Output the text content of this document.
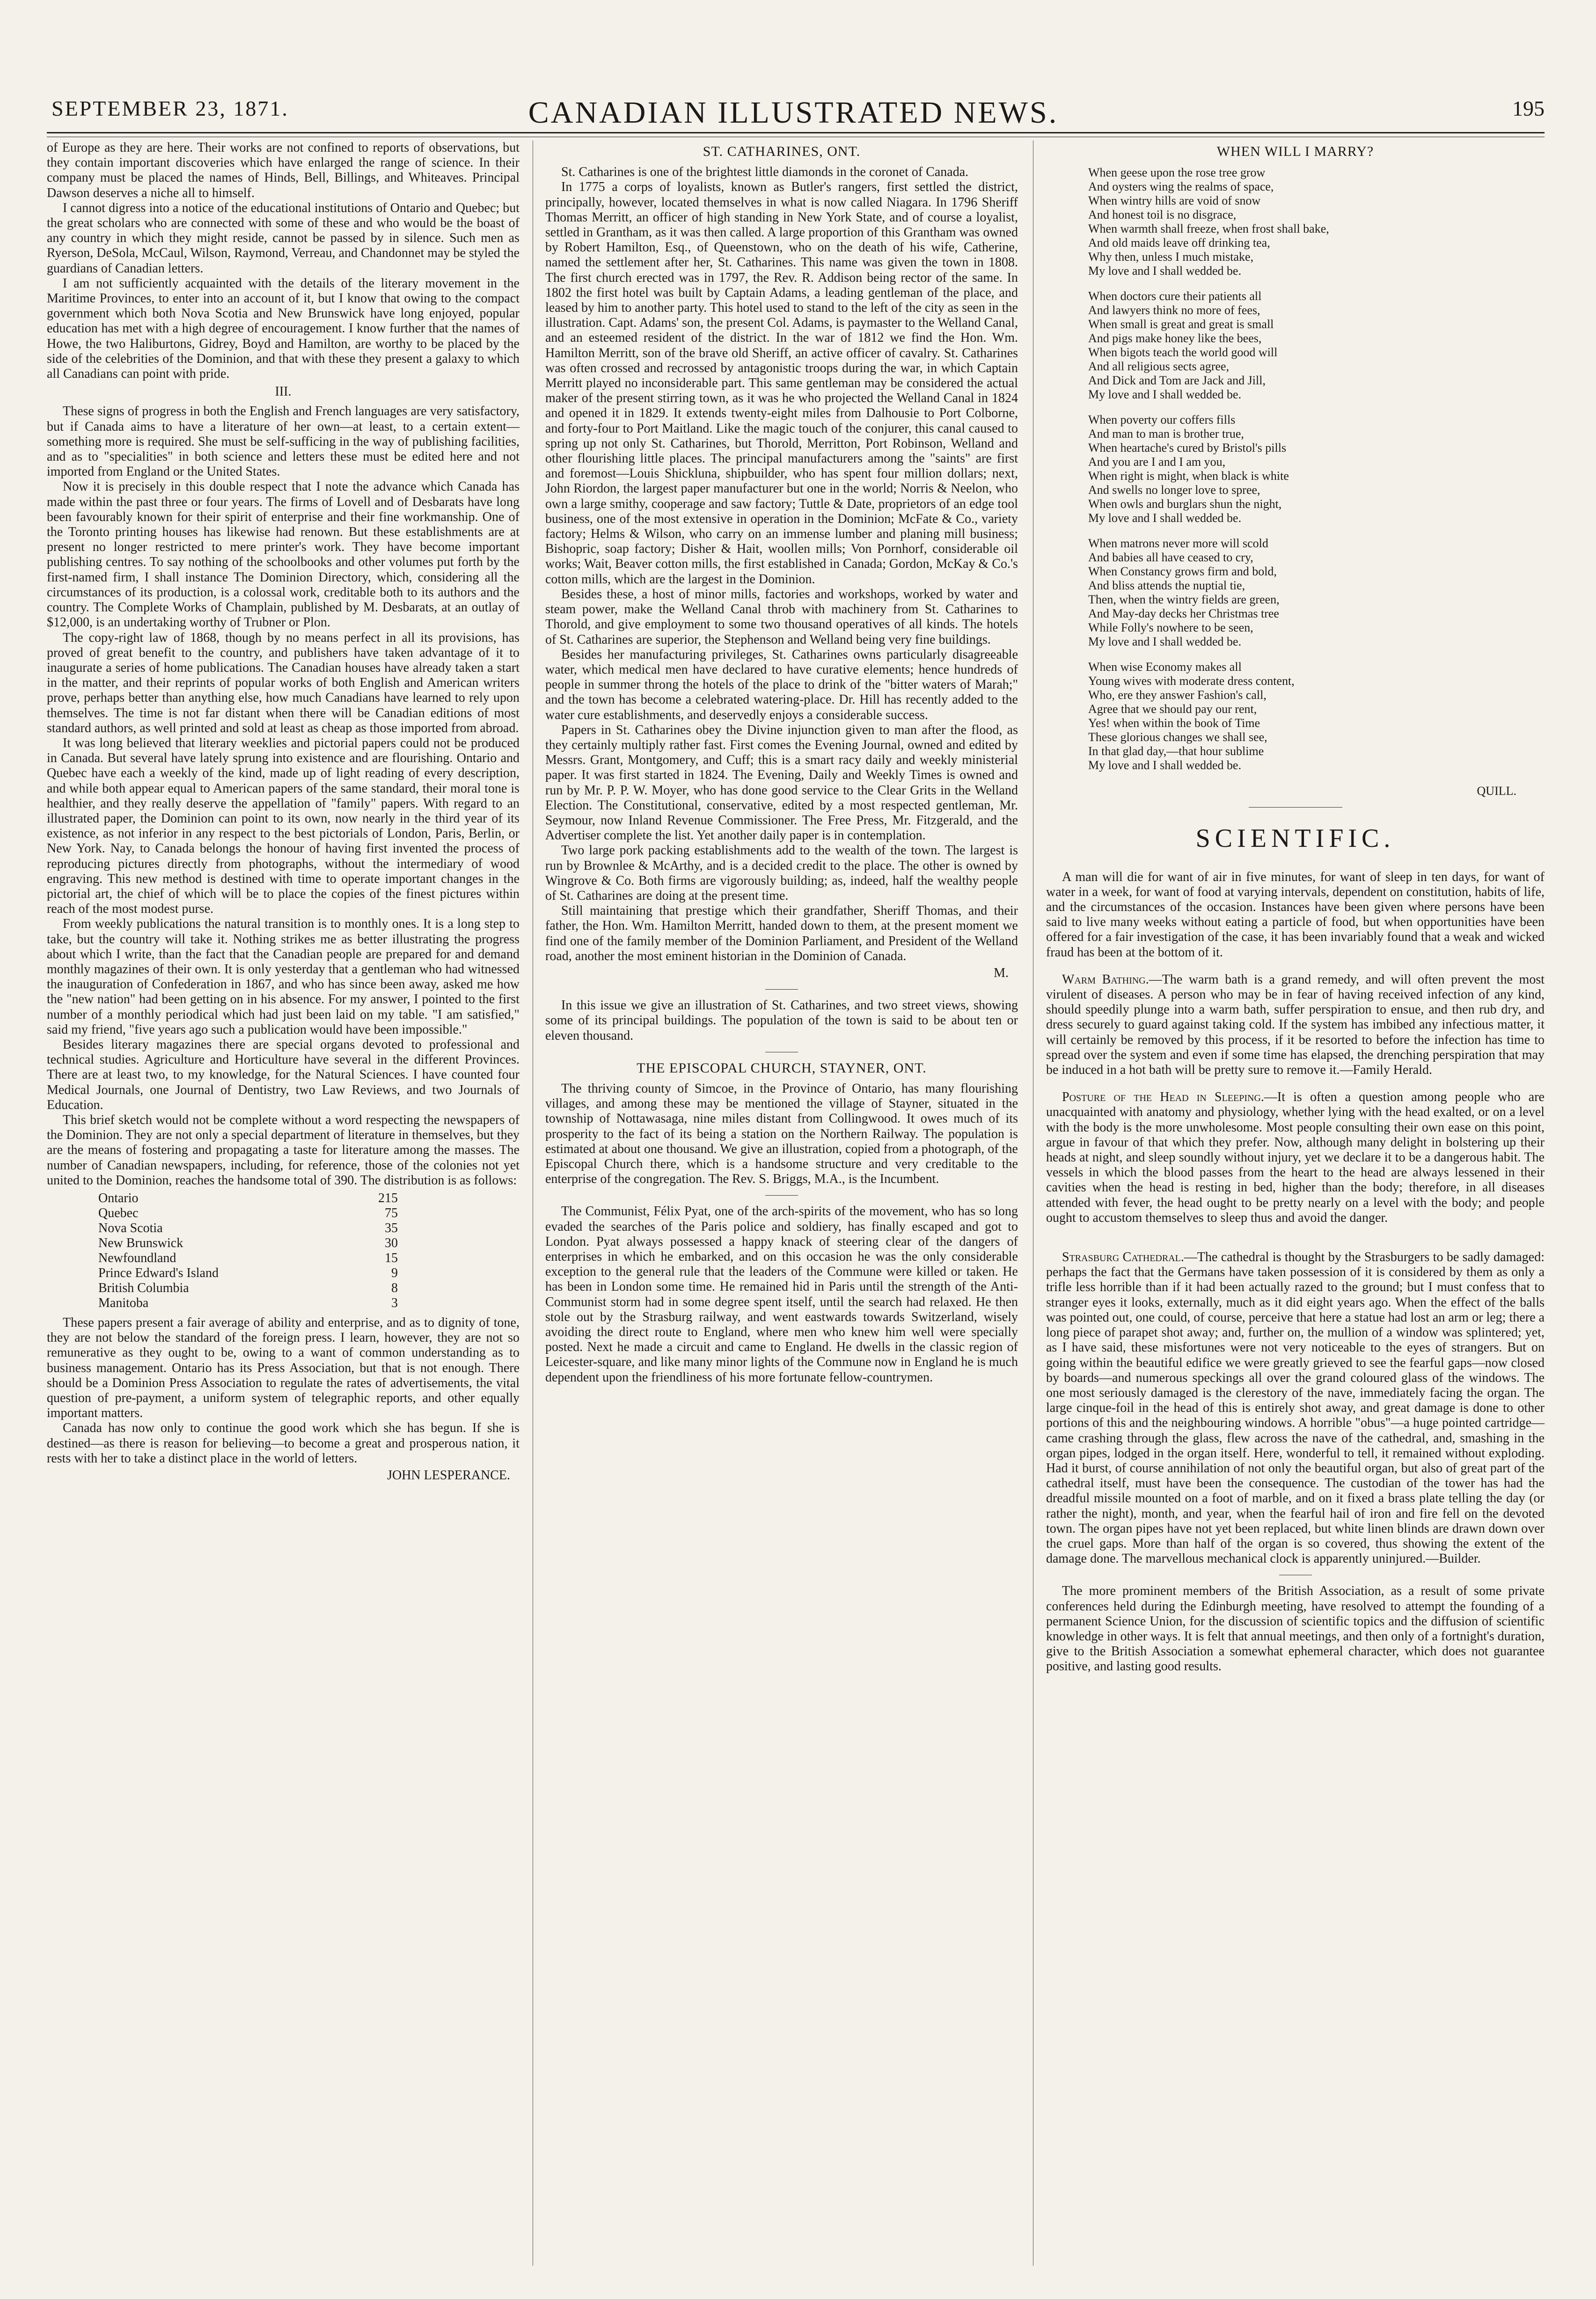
SEPTEMBER 23, 1871.	CANADIAN ILLUSTRATED NEWS.	195

of Europe as they are here. Their works are not confined to reports of observations, but they contain important discoveries which have enlarged the range of science. In their company must be placed the names of Hinds, Bell, Billings, and Whiteaves. Principal Dawson deserves a niche all to himself.

I cannot digress into a notice of the educational institutions of Ontario and Quebec; but the great scholars who are connected with some of these and who would be the boast of any country in which they might reside, cannot be passed by in silence. Such men as Ryerson, DeSola, McCaul, Wilson, Raymond, Verreau, and Chandonnet may be styled the guardians of Canadian letters.

I am not sufficiently acquainted with the details of the literary movement in the Maritime Provinces, to enter into an account of it, but I know that owing to the compact government which both Nova Scotia and New Brunswick have long enjoyed, popular education has met with a high degree of encouragement. I know further that the names of Howe, the two Haliburtons, Gidrey, Boyd and Hamilton, are worthy to be placed by the side of the celebrities of the Dominion, and that with these they present a galaxy to which all Canadians can point with pride.

III.

These signs of progress in both the English and French languages are very satisfactory, but if Canada aims to have a literature of her own—at least, to a certain extent—something more is required. She must be self-sufficing in the way of publishing facilities, and as to "specialities" in both science and letters these must be edited here and not imported from England or the United States.

Now it is precisely in this double respect that I note the advance which Canada has made within the past three or four years. The firms of Lovell and of Desbarats have long been favourably known for their spirit of enterprise and their fine workmanship. One of the Toronto printing houses has likewise had renown. But these establishments are at present no longer restricted to mere printer's work. They have become important publishing centres. To say nothing of the schoolbooks and other volumes put forth by the first-named firm, I shall instance The Dominion Directory, which, considering all the circumstances of its production, is a colossal work, creditable both to its authors and the country. The Complete Works of Champlain, published by M. Desbarats, at an outlay of $12,000, is an undertaking worthy of Trubner or Plon.

The copy-right law of 1868, though by no means perfect in all its provisions, has proved of great benefit to the country, and publishers have taken advantage of it to inaugurate a series of home publications. The Canadian houses have already taken a start in the matter, and their reprints of popular works of both English and American writers prove, perhaps better than anything else, how much Canadians have learned to rely upon themselves. The time is not far distant when there will be Canadian editions of most standard authors, as well printed and sold at least as cheap as those imported from abroad.

It was long believed that literary weeklies and pictorial papers could not be produced in Canada. But several have lately sprung into existence and are flourishing. Ontario and Quebec have each a weekly of the kind, made up of light reading of every description, and while both appear equal to American papers of the same standard, their moral tone is healthier, and they really deserve the appellation of "family" papers. With regard to an illustrated paper, the Dominion can point to its own, now nearly in the third year of its existence, as not inferior in any respect to the best pictorials of London, Paris, Berlin, or New York. Nay, to Canada belongs the honour of having first invented the process of reproducing pictures directly from photographs, without the intermediary of wood engraving. This new method is destined with time to operate important changes in the pictorial art, the chief of which will be to place the copies of the finest pictures within reach of the most modest purse.

From weekly publications the natural transition is to monthly ones. It is a long step to take, but the country will take it. Nothing strikes me as better illustrating the progress about which I write, than the fact that the Canadian people are prepared for and demand monthly magazines of their own. It is only yesterday that a gentleman who had witnessed the inauguration of Confederation in 1867, and who has since been away, asked me how the "new nation" had been getting on in his absence. For my answer, I pointed to the first number of a monthly periodical which had just been laid on my table. "I am satisfied," said my friend, "five years ago such a publication would have been impossible."

Besides literary magazines there are special organs devoted to professional and technical studies. Agriculture and Horticulture have several in the different Provinces. There are at least two, to my knowledge, for the Natural Sciences. I have counted four Medical Journals, one Journal of Dentistry, two Law Reviews, and two Journals of Education.

This brief sketch would not be complete without a word respecting the newspapers of the Dominion. They are not only a special department of literature in themselves, but they are the means of fostering and propagating a taste for literature among the masses. The number of Canadian newspapers, including, for reference, those of the colonies not yet united to the Dominion, reaches the handsome total of 390. The distribution is as follows:

Ontario	215
Quebec	75
Nova Scotia	35
New Brunswick	30
Newfoundland	15
Prince Edward's Island	9
British Columbia	8
Manitoba	3

These papers present a fair average of ability and enterprise, and as to dignity of tone, they are not below the standard of the foreign press. I learn, however, they are not so remunerative as they ought to be, owing to a want of common understanding as to business management. Ontario has its Press Association, but that is not enough. There should be a Dominion Press Association to regulate the rates of advertisements, the vital question of pre-payment, a uniform system of telegraphic reports, and other equally important matters.

Canada has now only to continue the good work which she has begun. If she is destined—as there is reason for believing—to become a great and prosperous nation, it rests with her to take a distinct place in the world of letters.

JOHN LESPERANCE.

ST. CATHARINES, ONT.

St. Catharines is one of the brightest little diamonds in the coronet of Canada.

In 1775 a corps of loyalists, known as Butler's rangers, first settled the district, principally, however, located themselves in what is now called Niagara. In 1796 Sheriff Thomas Merritt, an officer of high standing in New York State, and of course a loyalist, settled in Grantham, as it was then called. A large proportion of this Grantham was owned by Robert Hamilton, Esq., of Queenstown, who on the death of his wife, Catherine, named the settlement after her, St. Catharines. This name was given the town in 1808. The first church erected was in 1797, the Rev. R. Addison being rector of the same. In 1802 the first hotel was built by Captain Adams, a leading gentleman of the place, and leased by him to another party. This hotel used to stand to the left of the city as seen in the illustration. Capt. Adams' son, the present Col. Adams, is paymaster to the Welland Canal, and an esteemed resident of the district. In the war of 1812 we find the Hon. Wm. Hamilton Merritt, son of the brave old Sheriff, an active officer of cavalry. St. Catharines was often crossed and recrossed by antagonistic troops during the war, in which Captain Merritt played no inconsiderable part. This same gentleman may be considered the actual maker of the present stirring town, as it was he who projected the Welland Canal in 1824 and opened it in 1829. It extends twenty-eight miles from Dalhousie to Port Colborne, and forty-four to Port Maitland. Like the magic touch of the conjurer, this canal caused to spring up not only St. Catharines, but Thorold, Merritton, Port Robinson, Welland and other flourishing little places. The principal manufacturers among the "saints" are first and foremost—Louis Shickluna, shipbuilder, who has spent four million dollars; next, John Riordon, the largest paper manufacturer but one in the world; Norris & Neelon, who own a large smithy, cooperage and saw factory; Tuttle & Date, proprietors of an edge tool business, one of the most extensive in operation in the Dominion; McFate & Co., variety factory; Helms & Wilson, who carry on an immense lumber and planing mill business; Bishopric, soap factory; Disher & Hait, woollen mills; Von Pornhorf, considerable oil works; Wait, Beaver cotton mills, the first established in Canada; Gordon, McKay & Co.'s cotton mills, which are the largest in the Dominion.

Besides these, a host of minor mills, factories and workshops, worked by water and steam power, make the Welland Canal throb with machinery from St. Catharines to Thorold, and give employment to some two thousand operatives of all kinds. The hotels of St. Catharines are superior, the Stephenson and Welland being very fine buildings.

Besides her manufacturing privileges, St. Catharines owns particularly disagreeable water, which medical men have declared to have curative elements; hence hundreds of people in summer throng the hotels of the place to drink of the "bitter waters of Marah;" and the town has become a celebrated watering-place. Dr. Hill has recently added to the water cure establishments, and deservedly enjoys a considerable success.

Papers in St. Catharines obey the Divine injunction given to man after the flood, as they certainly multiply rather fast. First comes the Evening Journal, owned and edited by Messrs. Grant, Montgomery, and Cuff; this is a smart racy daily and weekly ministerial paper. It was first started in 1824. The Evening, Daily and Weekly Times is owned and run by Mr. P. P. W. Moyer, who has done good service to the Clear Grits in the Welland Election. The Constitutional, conservative, edited by a most respected gentleman, Mr. Seymour, now Inland Revenue Commissioner. The Free Press, Mr. Fitzgerald, and the Advertiser complete the list. Yet another daily paper is in contemplation.

Two large pork packing establishments add to the wealth of the town. The largest is run by Brownlee & McArthy, and is a decided credit to the place. The other is owned by Wingrove & Co. Both firms are vigorously building; as, indeed, half the wealthy people of St. Catharines are doing at the present time.

Still maintaining that prestige which their grandfather, Sheriff Thomas, and their father, the Hon. Wm. Hamilton Merritt, handed down to them, at the present moment we find one of the family member of the Dominion Parliament, and President of the Welland road, another the most eminent historian in the Dominion of Canada.

M.

In this issue we give an illustration of St. Catharines, and two street views, showing some of its principal buildings. The population of the town is said to be about ten or eleven thousand.

THE EPISCOPAL CHURCH, STAYNER, ONT.

The thriving county of Simcoe, in the Province of Ontario, has many flourishing villages, and among these may be mentioned the village of Stayner, situated in the township of Nottawasaga, nine miles distant from Collingwood. It owes much of its prosperity to the fact of its being a station on the Northern Railway. The population is estimated at about one thousand. We give an illustration, copied from a photograph, of the Episcopal Church there, which is a handsome structure and very creditable to the enterprise of the congregation. The Rev. S. Briggs, M.A., is the Incumbent.

The Communist, Félix Pyat, one of the arch-spirits of the movement, who has so long evaded the searches of the Paris police and soldiery, has finally escaped and got to London. Pyat always possessed a happy knack of steering clear of the dangers of enterprises in which he embarked, and on this occasion he was the only considerable exception to the general rule that the leaders of the Commune were killed or taken. He has been in London some time. He remained hid in Paris until the strength of the Anti-Communist storm had in some degree spent itself, until the search had relaxed. He then stole out by the Strasburg railway, and went eastwards towards Switzerland, wisely avoiding the direct route to England, where men who knew him well were specially posted. Next he made a circuit and came to England. He dwells in the classic region of Leicester-square, and like many minor lights of the Commune now in England he is much dependent upon the friendliness of his more fortunate fellow-countrymen.

WHEN WILL I MARRY?

When geese upon the rose tree grow
And oysters wing the realms of space,
When wintry hills are void of snow
And honest toil is no disgrace,
When warmth shall freeze, when frost shall bake,
And old maids leave off drinking tea,
Why then, unless I much mistake,
My love and I shall wedded be.
When doctors cure their patients all
And lawyers think no more of fees,
When small is great and great is small
And pigs make honey like the bees,
When bigots teach the world good will
And all religious sects agree,
And Dick and Tom are Jack and Jill,
My love and I shall wedded be.
When poverty our coffers fills
And man to man is brother true,
When heartache's cured by Bristol's pills
And you are I and I am you,
When right is might, when black is white
And swells no longer love to spree,
When owls and burglars shun the night,
My love and I shall wedded be.
When matrons never more will scold
And babies all have ceased to cry,
When Constancy grows firm and bold,
And bliss attends the nuptial tie,
Then, when the wintry fields are green,
And May-day decks her Christmas tree
While Folly's nowhere to be seen,
My love and I shall wedded be.
When wise Economy makes all
Young wives with moderate dress content,
Who, ere they answer Fashion's call,
Agree that we should pay our rent,
Yes! when within the book of Time
These glorious changes we shall see,
In that glad day,—that hour sublime
My love and I shall wedded be.

QUILL.

SCIENTIFIC.

A man will die for want of air in five minutes, for want of sleep in ten days, for want of water in a week, for want of food at varying intervals, dependent on constitution, habits of life, and the circumstances of the occasion. Instances have been given where persons have been said to live many weeks without eating a particle of food, but when opportunities have been offered for a fair investigation of the case, it has been invariably found that a weak and wicked fraud has been at the bottom of it.

Warm Bathing.—The warm bath is a grand remedy, and will often prevent the most virulent of diseases. A person who may be in fear of having received infection of any kind, should speedily plunge into a warm bath, suffer perspiration to ensue, and then rub dry, and dress securely to guard against taking cold. If the system has imbibed any infectious matter, it will certainly be removed by this process, if it be resorted to before the infection has time to spread over the system and even if some time has elapsed, the drenching perspiration that may be induced in a hot bath will be pretty sure to remove it.—Family Herald.

Posture of the Head in Sleeping.—It is often a question among people who are unacquainted with anatomy and physiology, whether lying with the head exalted, or on a level with the body is the more unwholesome. Most people consulting their own ease on this point, argue in favour of that which they prefer. Now, although many delight in bolstering up their heads at night, and sleep soundly without injury, yet we declare it to be a dangerous habit. The vessels in which the blood passes from the heart to the head are always lessened in their cavities when the head is resting in bed, higher than the body; therefore, in all diseases attended with fever, the head ought to be pretty nearly on a level with the body; and people ought to accustom themselves to sleep thus and avoid the danger.

Strasburg Cathedral.—The cathedral is thought by the Strasburgers to be sadly damaged: perhaps the fact that the Germans have taken possession of it is considered by them as only a trifle less horrible than if it had been actually razed to the ground; but I must confess that to stranger eyes it looks, externally, much as it did eight years ago. When the effect of the balls was pointed out, one could, of course, perceive that here a statue had lost an arm or leg; there a long piece of parapet shot away; and, further on, the mullion of a window was splintered; yet, as I have said, these misfortunes were not very noticeable to the eyes of strangers. But on going within the beautiful edifice we were greatly grieved to see the fearful gaps—now closed by boards—and numerous speckings all over the grand coloured glass of the windows. The one most seriously damaged is the clerestory of the nave, immediately facing the organ. The large cinque-foil in the head of this is entirely shot away, and great damage is done to other portions of this and the neighbouring windows. A horrible "obus"—a huge pointed cartridge—came crashing through the glass, flew across the nave of the cathedral, and, smashing in the organ pipes, lodged in the organ itself. Here, wonderful to tell, it remained without exploding. Had it burst, of course annihilation of not only the beautiful organ, but also of great part of the cathedral itself, must have been the consequence. The custodian of the tower has had the dreadful missile mounted on a foot of marble, and on it fixed a brass plate telling the day (or rather the night), month, and year, when the fearful hail of iron and fire fell on the devoted town. The organ pipes have not yet been replaced, but white linen blinds are drawn down over the cruel gaps. More than half of the organ is so covered, thus showing the extent of the damage done. The marvellous mechanical clock is apparently uninjured.—Builder.

The more prominent members of the British Association, as a result of some private conferences held during the Edinburgh meeting, have resolved to attempt the founding of a permanent Science Union, for the discussion of scientific topics and the diffusion of scientific knowledge in other ways. It is felt that annual meetings, and then only of a fortnight's duration, give to the British Association a somewhat ephemeral character, which does not guarantee positive, and lasting good results.
